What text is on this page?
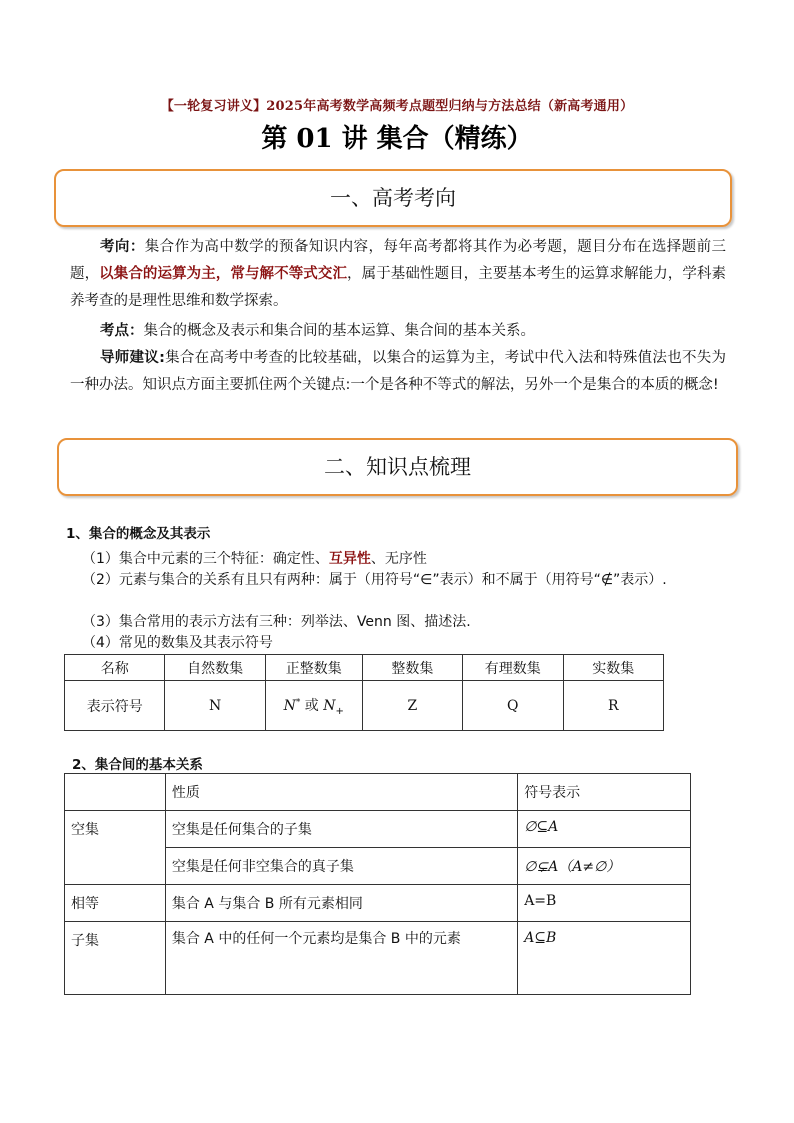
【一轮复习讲义】2025年高考数学高频考点题型归纳与方法总结（新高考通用）
第 01 讲 集合（精练）
一、高考考向
考向：集合作为高中数学的预备知识内容，每年高考都将其作为必考题，题目分布在选择题前三题，以集合的运算为主，常与解不等式交汇，属于基础性题目，主要基本考生的运算求解能力，学科素养考查的是理性思维和数学探索。
考点：集合的概念及表示和集合间的基本运算、集合间的基本关系。
导师建议:集合在高考中考查的比较基础，以集合的运算为主，考试中代入法和特殊值法也不失为一种办法。知识点方面主要抓住两个关键点:一个是各种不等式的解法，另外一个是集合的本质的概念!
二、知识点梳理
1、集合的概念及其表示
（1）集合中元素的三个特征：确定性、互异性、无序性
（2）元素与集合的关系有且只有两种：属于（用符号“∈”表示）和不属于（用符号“∉”表示）.
（3）集合常用的表示方法有三种：列举法、Venn 图、描述法.
（4）常见的数集及其表示符号
名称	自然数集	正整数集	整数集	有理数集	实数集
表示符号	N	N* 或 $N_+$	Z	Q	R
2、集合间的基本关系
	性质	符号表示
空集	空集是任何集合的子集	∅⊆A
	空集是任何非空集合的真子集	∅⊊A（A≠∅）
相等	集合 A 与集合 B 所有元素相同	A=B
子集	集合 A 中的任何一个元素均是集合 B 中的元素	A⊆B
